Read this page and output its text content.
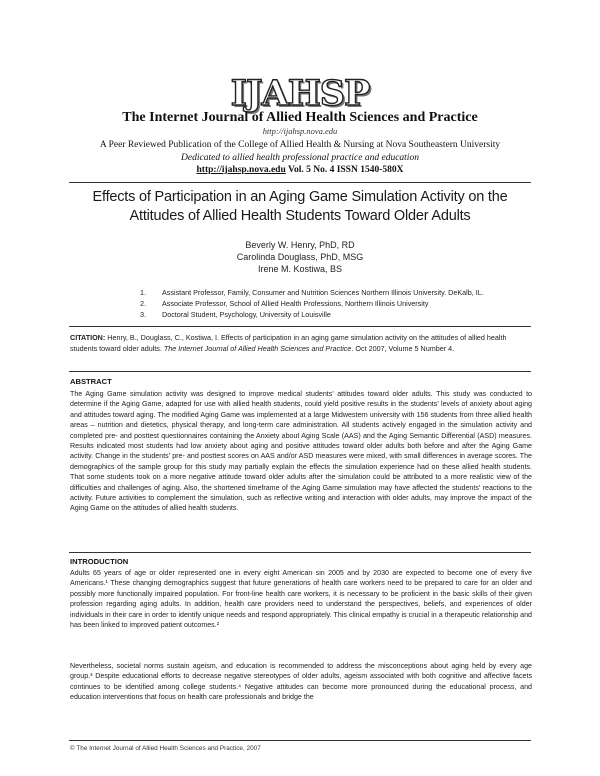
IJAHSP
The Internet Journal of Allied Health Sciences and Practice
http://ijahsp.nova.edu
A Peer Reviewed Publication of the College of Allied Health & Nursing at Nova Southeastern University
Dedicated to allied health professional practice and education
http://ijahsp.nova.edu Vol. 5 No. 4 ISSN 1540-580X
Effects of Participation in an Aging Game Simulation Activity on the Attitudes of Allied Health Students Toward Older Adults
Beverly W. Henry, PhD, RD
Carolinda Douglass, PhD, MSG
Irene M. Kostiwa, BS
1. Assistant Professor, Family, Consumer and Nutrition Sciences Northern Illinois University. DeKalb, IL.
2. Associate Professor, School of Allied Health Professions, Northern Illinois University
3. Doctoral Student, Psychology, University of Louisville
CITATION: Henry, B., Douglass, C., Kostiwa, I. Effects of participation in an aging game simulation activity on the attitudes of allied health students toward older adults. The Internet Journal of Allied Health Sciences and Practice. Oct 2007, Volume 5 Number 4.
ABSTRACT
The Aging Game simulation activity was designed to improve medical students' attitudes toward older adults. This study was conducted to determine if the Aging Game, adapted for use with allied health students, could yield positive results in the students' levels of anxiety about aging and attitudes toward aging. The modified Aging Game was implemented at a large Midwestern university with 156 students from three allied health areas – nutrition and dietetics, physical therapy, and long-term care administration. All students actively engaged in the simulation activity and completed pre- and posttest questionnaires containing the Anxiety about Aging Scale (AAS) and the Aging Semantic Differential (ASD) measures. Results indicated most students had low anxiety about aging and positive attitudes toward older adults both before and after the Aging Game activity. Change in the students' pre- and posttest scores on AAS and/or ASD measures were mixed, with small differences in average scores. The demographics of the sample group for this study may partially explain the effects the simulation experience had on these allied health students. That some students took on a more negative attitude toward older adults after the simulation could be attributed to a more realistic view of the difficulties and challenges of aging. Also, the shortened timeframe of the Aging Game simulation may have affected the students' reactions to the activity. Future activities to complement the simulation, such as reflective writing and interaction with older adults, may improve the impact of the Aging Game on the attitudes of allied health students.
INTRODUCTION
Adults 65 years of age or older represented one in every eight American sin 2005 and by 2030 are expected to become one of every five Americans.¹ These changing demographics suggest that future generations of health care workers need to be prepared to care for an older and possibly more functionally impaired population. For front-line health care workers, it is necessary to be proficient in the basic skills of their given profession regarding aging adults. In addition, health care providers need to understand the perspectives, beliefs, and experiences of older individuals in their care in order to identify unique needs and respond appropriately. This clinical empathy is crucial in a therapeutic relationship and has been linked to improved patient outcomes.²
Nevertheless, societal norms sustain ageism, and education is recommended to address the misconceptions about aging held by every age group.³ Despite educational efforts to decrease negative stereotypes of older adults, ageism associated with both cognitive and affective facets continues to be identified among college students.⁴ Negative attitudes can become more pronounced during the educational process, and education interventions that focus on health care professionals and bridge the
© The Internet Journal of Allied Health Sciences and Practice, 2007
